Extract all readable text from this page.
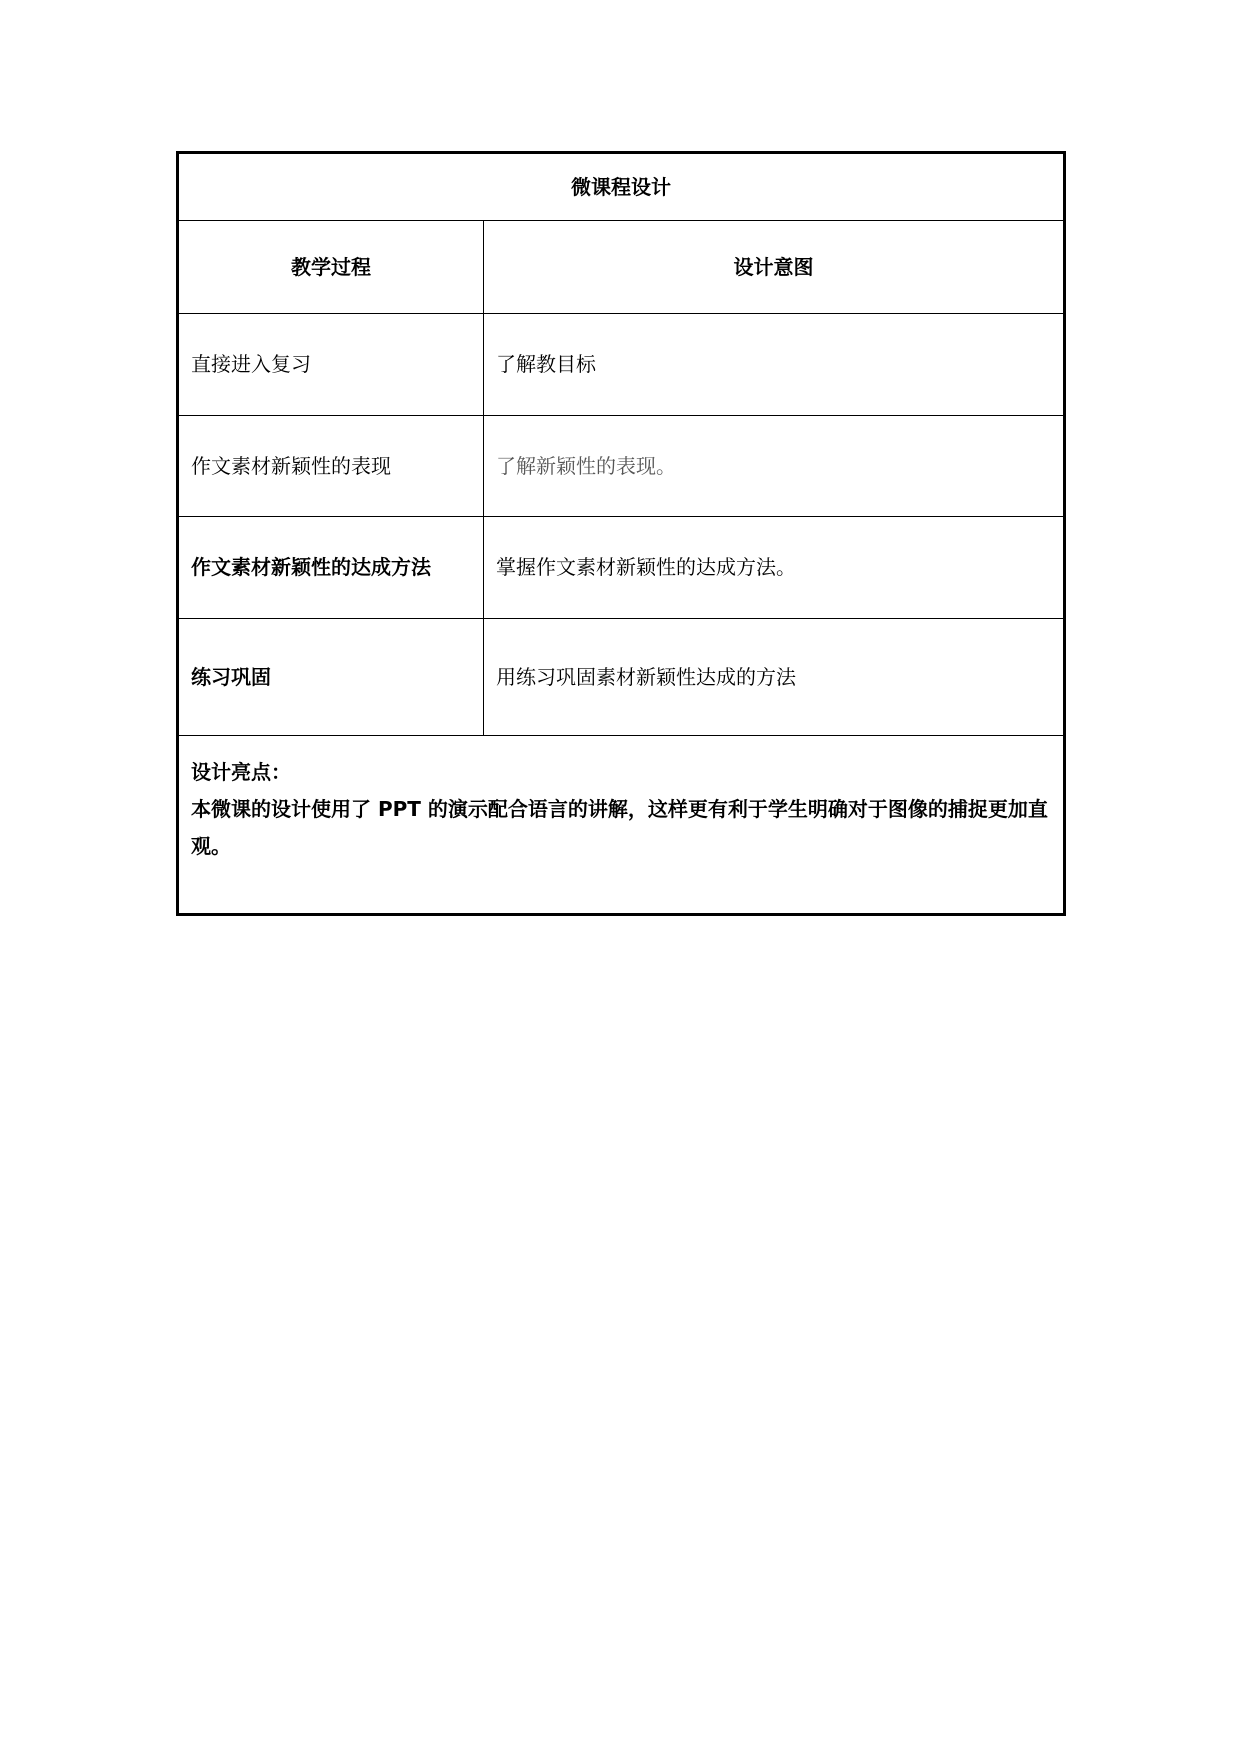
微课程设计	
教学过程	设计意图
直接进入复习	了解教目标
作文素材新颖性的表现	了解新颖性的表现。
作文素材新颖性的达成方法	掌握作文素材新颖性的达成方法。
练习巩固	用练习巩固素材新颖性达成的方法

设计亮点：
本微课的设计使用了 PPT 的演示配合语言的讲解，这样更有利于学生明确对于图像的捕捉更加直观。	
